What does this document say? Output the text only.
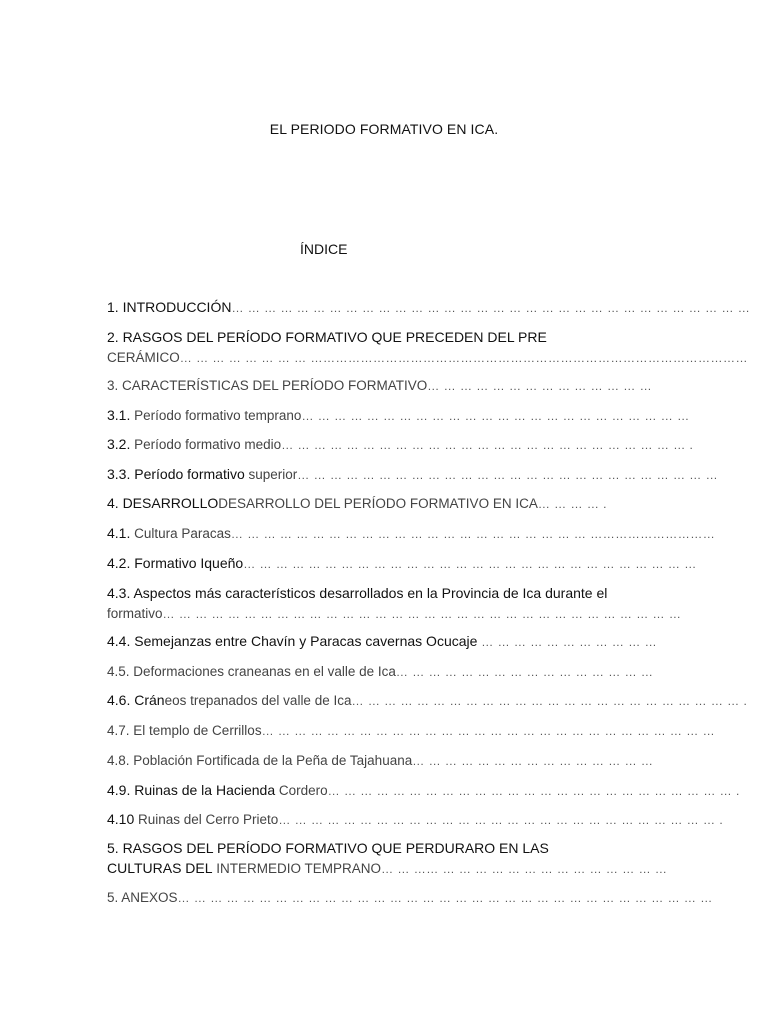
EL PERIODO FORMATIVO EN ICA.
ÍNDICE
1. INTRODUCCIÓN… … … … … … … … … … … … … … … … … … … … … … … … … … … … … … … …
2. RASGOS DEL PERÍODO FORMATIVO QUE PRECEDEN DEL PRE
CERÁMICO… … … … … … … … ……………………………………………………………………………………………
3. CARACTERÍSTICAS DEL PERÍODO FORMATIVO… … … … … … … … … … … … … …
3.1. Período formativo temprano… … … … … … … … … … … … … … … … … … … … … … … …
3.2. Período formativo medio… … … … … … … … … … … … … … … … … … … … … … … … … .
3.3. Período formativo superior… … … … … … … … … … … … … … … … … … … … … … … … … …
4. DESARROLLODESARROLLO DEL PERÍODO FORMATIVO EN ICA… … … … .
4.1. Cultura Paracas… … … … … … … … … … … … … … … … … … … … … … …………………………
4.2. Formativo Iqueño… … … … … … … … … … … … … … … … … … … … … … … … … … … …
4.3. Aspectos más característicos desarrollados en la Provincia de Ica durante el
formativo… … … … … … … … … … … … … … … … … … … … … … … … … … … … … … … …
4.4. Semejanzas entre Chavín y Paracas cavernas Ocucaje … … … … … … … … … … …
4.5. Deformaciones craneanas en el valle de Ica… … … … … … … … … … … … … … … …
4.6. Cráneos trepanados del valle de Ica… … … … … … … … … … … … … … … … … … … … … … … … .
4.7. El templo de Cerrillos… … … … … … … … … … … … … … … … … … … … … … … … … … … …
4.8. Población Fortificada de la Peña de Tajahuana… … … … … … … … … … … … … … …
4.9. Ruinas de la Hacienda Cordero… … … … … … … … … … … … … … … … … … … … … … … … … .
4.10 Ruinas del Cerro Prieto… … … … … … … … … … … … … … … … … … … … … … … … … … … .
5. RASGOS DEL PERÍODO FORMATIVO QUE PERDURARO EN LAS
CULTURAS DEL INTERMEDIO TEMPRANO… … …… … … … … … … … … … … … … … …
5. ANEXOS… … … … … … … … … … … … … … … … … … … … … … … … … … … … … … … … …
